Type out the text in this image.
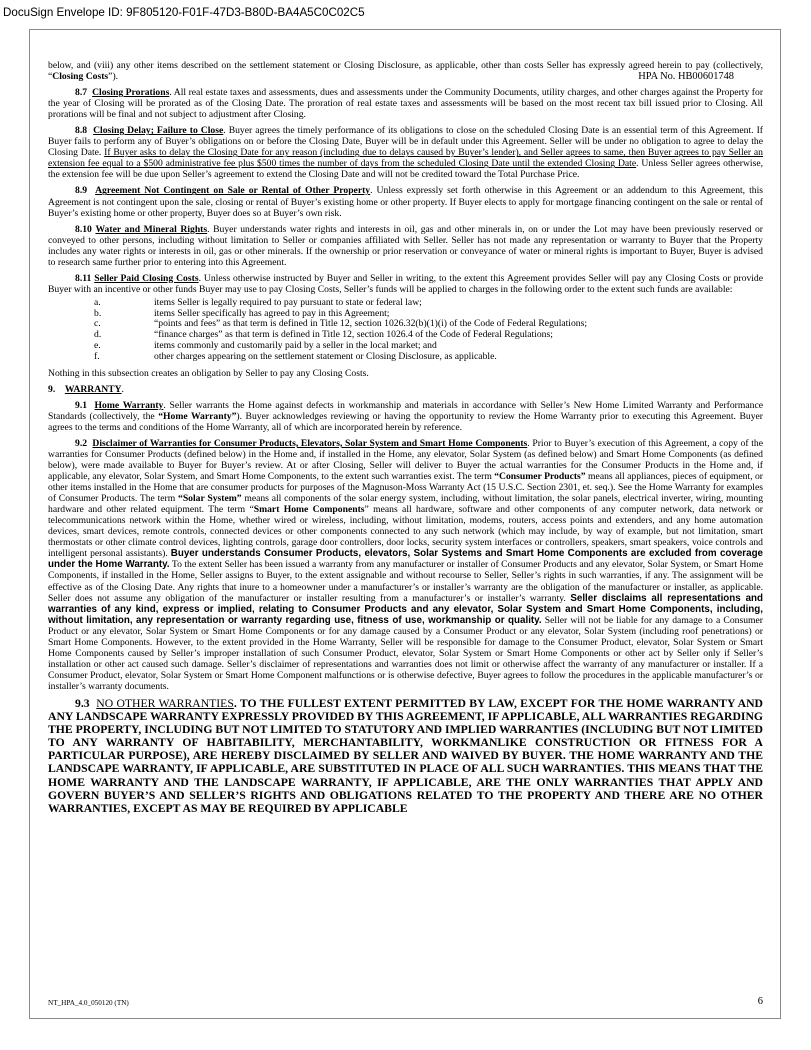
DocuSign Envelope ID: 9F805120-F01F-47D3-B80D-BA4A5C0C02C5
HPA No. HB00601748

below, and (viii) any other items described on the settlement statement or Closing Disclosure, as applicable, other than costs Seller has expressly agreed herein to pay (collectively, “Closing Costs”).

8.7 Closing Prorations. All real estate taxes and assessments, dues and assessments under the Community Documents, utility charges, and other charges against the Property for the year of Closing will be prorated as of the Closing Date. The proration of real estate taxes and assessments will be based on the most recent tax bill issued prior to Closing. All prorations will be final and not subject to adjustment after Closing.

8.8 Closing Delay; Failure to Close. Buyer agrees the timely performance of its obligations to close on the scheduled Closing Date is an essential term of this Agreement. If Buyer fails to perform any of Buyer’s obligations on or before the Closing Date, Buyer will be in default under this Agreement. Seller will be under no obligation to agree to delay the Closing Date. If Buyer asks to delay the Closing Date for any reason (including due to delays caused by Buyer’s lender), and Seller agrees to same, then Buyer agrees to pay Seller an extension fee equal to a $500 administrative fee plus $500 times the number of days from the scheduled Closing Date until the extended Closing Date. Unless Seller agrees otherwise, the extension fee will be due upon Seller’s agreement to extend the Closing Date and will not be credited toward the Total Purchase Price.

8.9 Agreement Not Contingent on Sale or Rental of Other Property. Unless expressly set forth otherwise in this Agreement or an addendum to this Agreement, this Agreement is not contingent upon the sale, closing or rental of Buyer’s existing home or other property. If Buyer elects to apply for mortgage financing contingent on the sale or rental of Buyer’s existing home or other property, Buyer does so at Buyer’s own risk.

8.10 Water and Mineral Rights. Buyer understands water rights and interests in oil, gas and other minerals in, on or under the Lot may have been previously reserved or conveyed to other persons, including without limitation to Seller or companies affiliated with Seller. Seller has not made any representation or warranty to Buyer that the Property includes any water rights or interests in oil, gas or other minerals. If the ownership or prior reservation or conveyance of water or mineral rights is important to Buyer, Buyer is advised to research same further prior to entering into this Agreement.

8.11 Seller Paid Closing Costs. Unless otherwise instructed by Buyer and Seller in writing, to the extent this Agreement provides Seller will pay any Closing Costs or provide Buyer with an incentive or other funds Buyer may use to pay Closing Costs, Seller’s funds will be applied to charges in the following order to the extent such funds are available:

a.	items Seller is legally required to pay pursuant to state or federal law;
b.	items Seller specifically has agreed to pay in this Agreement;
c.	“points and fees” as that term is defined in Title 12, section 1026.32(b)(1)(i) of the Code of Federal Regulations;
d.	“finance charges” as that term is defined in Title 12, section 1026.4 of the Code of Federal Regulations;
e.	items commonly and customarily paid by a seller in the local market; and
f.	other charges appearing on the settlement statement or Closing Disclosure, as applicable.

Nothing in this subsection creates an obligation by Seller to pay any Closing Costs.

9. WARRANTY.

9.1 Home Warranty. Seller warrants the Home against defects in workmanship and materials in accordance with Seller’s New Home Limited Warranty and Performance Standards (collectively, the “Home Warranty”). Buyer acknowledges reviewing or having the opportunity to review the Home Warranty prior to executing this Agreement. Buyer agrees to the terms and conditions of the Home Warranty, all of which are incorporated herein by reference.

9.2 Disclaimer of Warranties for Consumer Products, Elevators, Solar System and Smart Home Components. Prior to Buyer’s execution of this Agreement, a copy of the warranties for Consumer Products (defined below) in the Home and, if installed in the Home, any elevator, Solar System (as defined below) and Smart Home Components (as defined below), were made available to Buyer for Buyer’s review. At or after Closing, Seller will deliver to Buyer the actual warranties for the Consumer Products in the Home and, if applicable, any elevator, Solar System, and Smart Home Components, to the extent such warranties exist. The term “Consumer Products” means all appliances, pieces of equipment, or other items installed in the Home that are consumer products for purposes of the Magnuson-Moss Warranty Act (15 U.S.C. Section 2301, et. seq.). See the Home Warranty for examples of Consumer Products. The term “Solar System” means all components of the solar energy system, including, without limitation, the solar panels, electrical inverter, wiring, mounting hardware and other related equipment. The term “Smart Home Components” means all hardware, software and other components of any computer network, data network or telecommunications network within the Home, whether wired or wireless, including, without limitation, modems, routers, access points and extenders, and any home automation devices, smart devices, remote controls, connected devices or other components connected to any such network (which may include, by way of example, but not limitation, smart thermostats or other climate control devices, lighting controls, garage door controllers, door locks, security system interfaces or controllers, speakers, smart speakers, voice controls and intelligent personal assistants). Buyer understands Consumer Products, elevators, Solar Systems and Smart Home Components are excluded from coverage under the Home Warranty. To the extent Seller has been issued a warranty from any manufacturer or installer of Consumer Products and any elevator, Solar System, or Smart Home Components, if installed in the Home, Seller assigns to Buyer, to the extent assignable and without recourse to Seller, Seller’s rights in such warranties, if any. The assignment will be effective as of the Closing Date. Any rights that inure to a homeowner under a manufacturer’s or installer’s warranty are the obligation of the manufacturer or installer, as applicable. Seller does not assume any obligation of the manufacturer or installer resulting from a manufacturer’s or installer’s warranty. Seller disclaims all representations and warranties of any kind, express or implied, relating to Consumer Products and any elevator, Solar System and Smart Home Components, including, without limitation, any representation or warranty regarding use, fitness of use, workmanship or quality. Seller will not be liable for any damage to a Consumer Product or any elevator, Solar System or Smart Home Components or for any damage caused by a Consumer Product or any elevator, Solar System (including roof penetrations) or Smart Home Components. However, to the extent provided in the Home Warranty, Seller will be responsible for damage to the Consumer Product, elevator, Solar System or Smart Home Components caused by Seller’s improper installation of such Consumer Product, elevator, Solar System or Smart Home Components or other act by Seller only if Seller’s installation or other act caused such damage. Seller’s disclaimer of representations and warranties does not limit or otherwise affect the warranty of any manufacturer or installer. If a Consumer Product, elevator, Solar System or Smart Home Component malfunctions or is otherwise defective, Buyer agrees to follow the procedures in the applicable manufacturer’s or installer’s warranty documents.

9.3 NO OTHER WARRANTIES. TO THE FULLEST EXTENT PERMITTED BY LAW, EXCEPT FOR THE HOME WARRANTY AND ANY LANDSCAPE WARRANTY EXPRESSLY PROVIDED BY THIS AGREEMENT, IF APPLICABLE, ALL WARRANTIES REGARDING THE PROPERTY, INCLUDING BUT NOT LIMITED TO STATUTORY AND IMPLIED WARRANTIES (INCLUDING BUT NOT LIMITED TO ANY WARRANTY OF HABITABILITY, MERCHANTABILITY, WORKMANLIKE CONSTRUCTION OR FITNESS FOR A PARTICULAR PURPOSE), ARE HEREBY DISCLAIMED BY SELLER AND WAIVED BY BUYER. THE HOME WARRANTY AND THE LANDSCAPE WARRANTY, IF APPLICABLE, ARE SUBSTITUTED IN PLACE OF ALL SUCH WARRANTIES. THIS MEANS THAT THE HOME WARRANTY AND THE LANDSCAPE WARRANTY, IF APPLICABLE, ARE THE ONLY WARRANTIES THAT APPLY AND GOVERN BUYER’S AND SELLER’S RIGHTS AND OBLIGATIONS RELATED TO THE PROPERTY AND THERE ARE NO OTHER WARRANTIES, EXCEPT AS MAY BE REQUIRED BY APPLICABLE

NT_HPA_4.0_050120 (TN)	6
